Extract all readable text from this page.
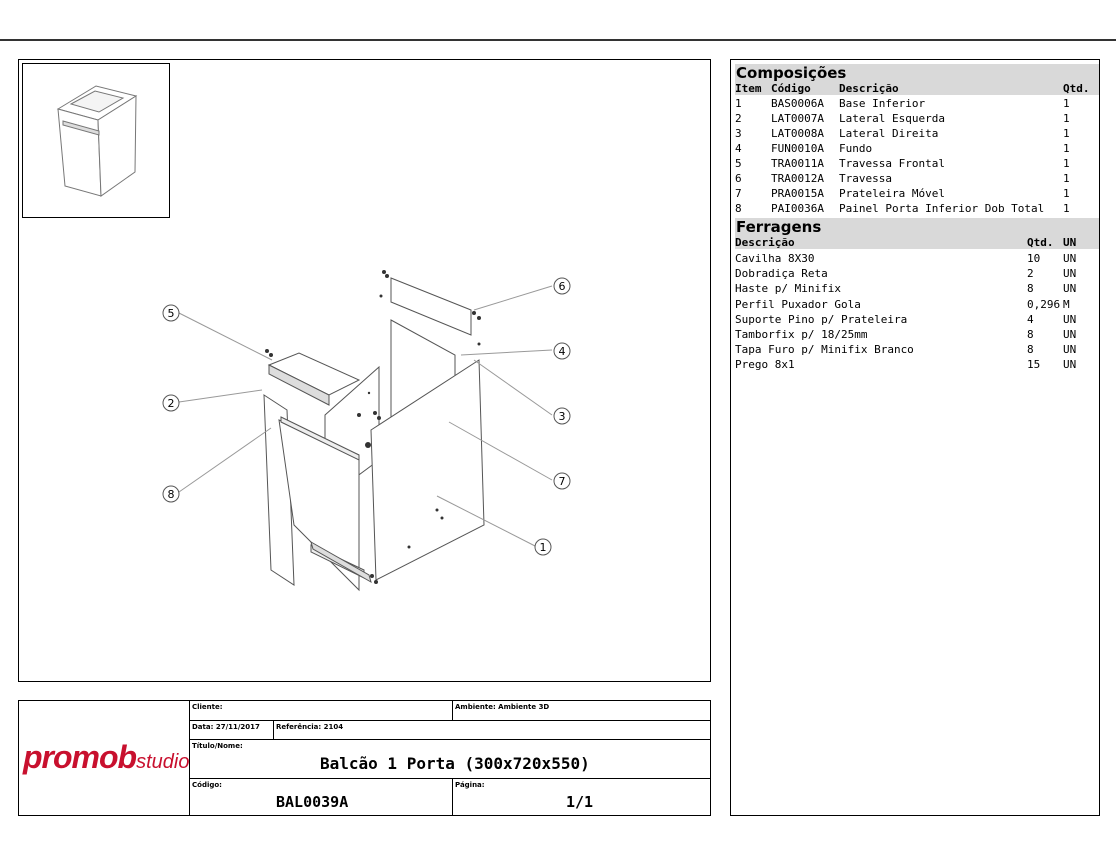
1
2
3
4
5
6
7
8
promobstudio
Cliente:	Ambiente: Ambiente 3D
Data: 27/11/2017 Referência: 2104
Título/Nome:
Balcão 1 Porta (300x720x550)
Código:
BAL0039A
Página:
1/1
Composições
Item Código	Descrição	Qtd.
1	BAS0006A Base Inferior	1
2	LAT0007A Lateral Esquerda	1
3	LAT0008A Lateral Direita	1
4	FUN0010A Fundo	1
5	TRA0011A Travessa Frontal	1
6	TRA0012A Travessa	1
7	PRA0015A Prateleira Móvel	1
8	PAI0036A Painel Porta Inferior Dob Total 1
Ferragens
Descrição	Qtd. UN
Cavilha 8X30	10 UN
Dobradiça Reta	2	UN
Haste p/ Minifix	8	UN
Perfil Puxador Gola	0,296 M
Suporte Pino p/ Prateleira	4	UN
Tamborfix p/ 18/25mm	8	UN
Tapa Furo p/ Minifix Branco	8	UN
Prego 8x1	15 UN
